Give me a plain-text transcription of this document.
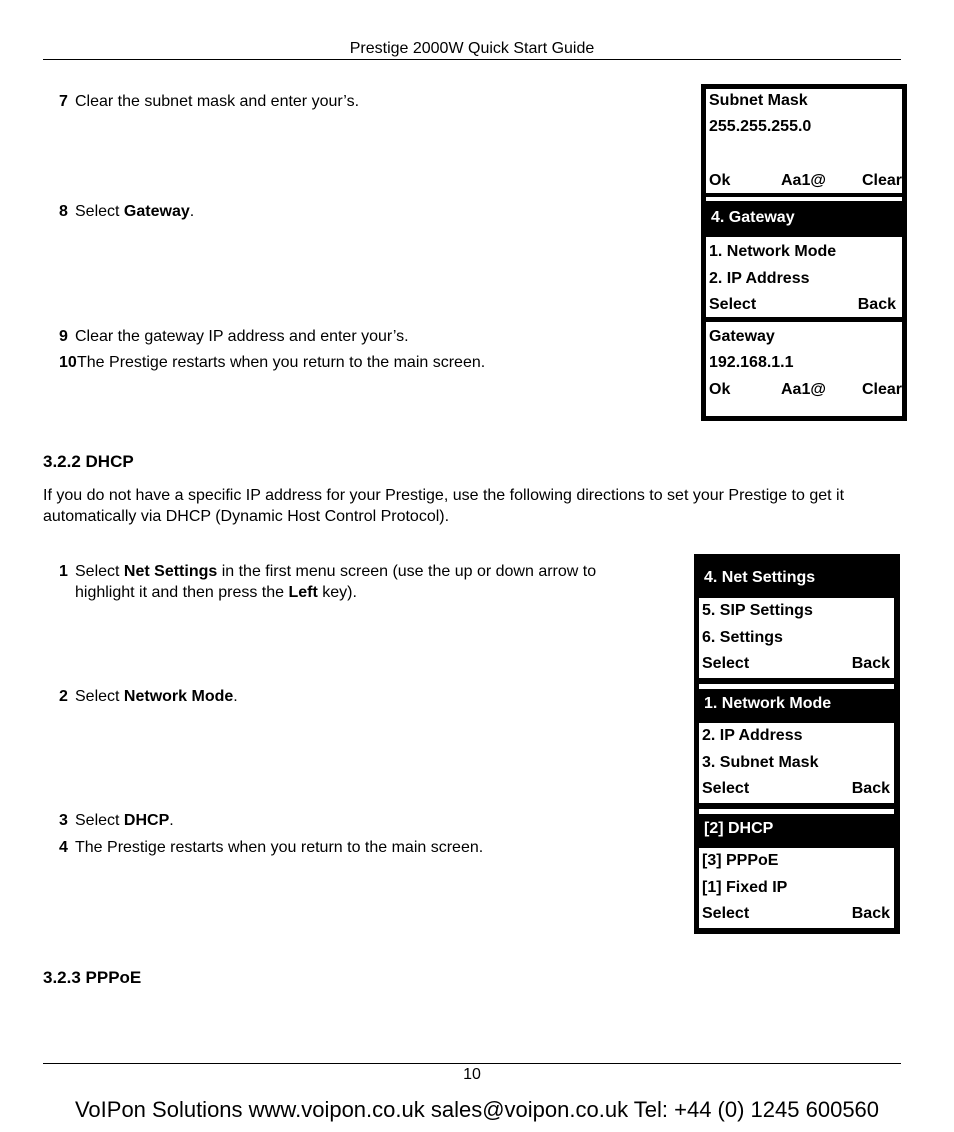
Prestige 2000W Quick Start Guide
7 Clear the subnet mask and enter your’s.
8 Select Gateway.
9 Clear the gateway IP address and enter your’s.
10 The Prestige restarts when you return to the main screen.
Subnet Mask
255.255.255.0
Ok	Aa1@ Clear
4. Gateway
1. Network Mode
2. IP Address
Select	Back
Gateway
192.168.1.1
Ok	Aa1@ Clear
3.2.2 DHCP
If you do not have a specific IP address for your Prestige, use the following directions to set your Prestige to get it automatically via DHCP (Dynamic Host Control Protocol).
1 Select Net Settings in the first menu screen (use the up or down arrow to highlight it and then press the Left key).
2 Select Network Mode.
3 Select DHCP.
4 The Prestige restarts when you return to the main screen.
4. Net Settings
5. SIP Settings
6. Settings
Select	Back
1. Network Mode
2. IP Address
3. Subnet Mask
Select	Back
[2] DHCP
[3] PPPoE
[1] Fixed IP
Select	Back
3.2.3 PPPoE
10
VoIPon Solutions www.voipon.co.uk sales@voipon.co.uk Tel: +44 (0) 1245 600560
